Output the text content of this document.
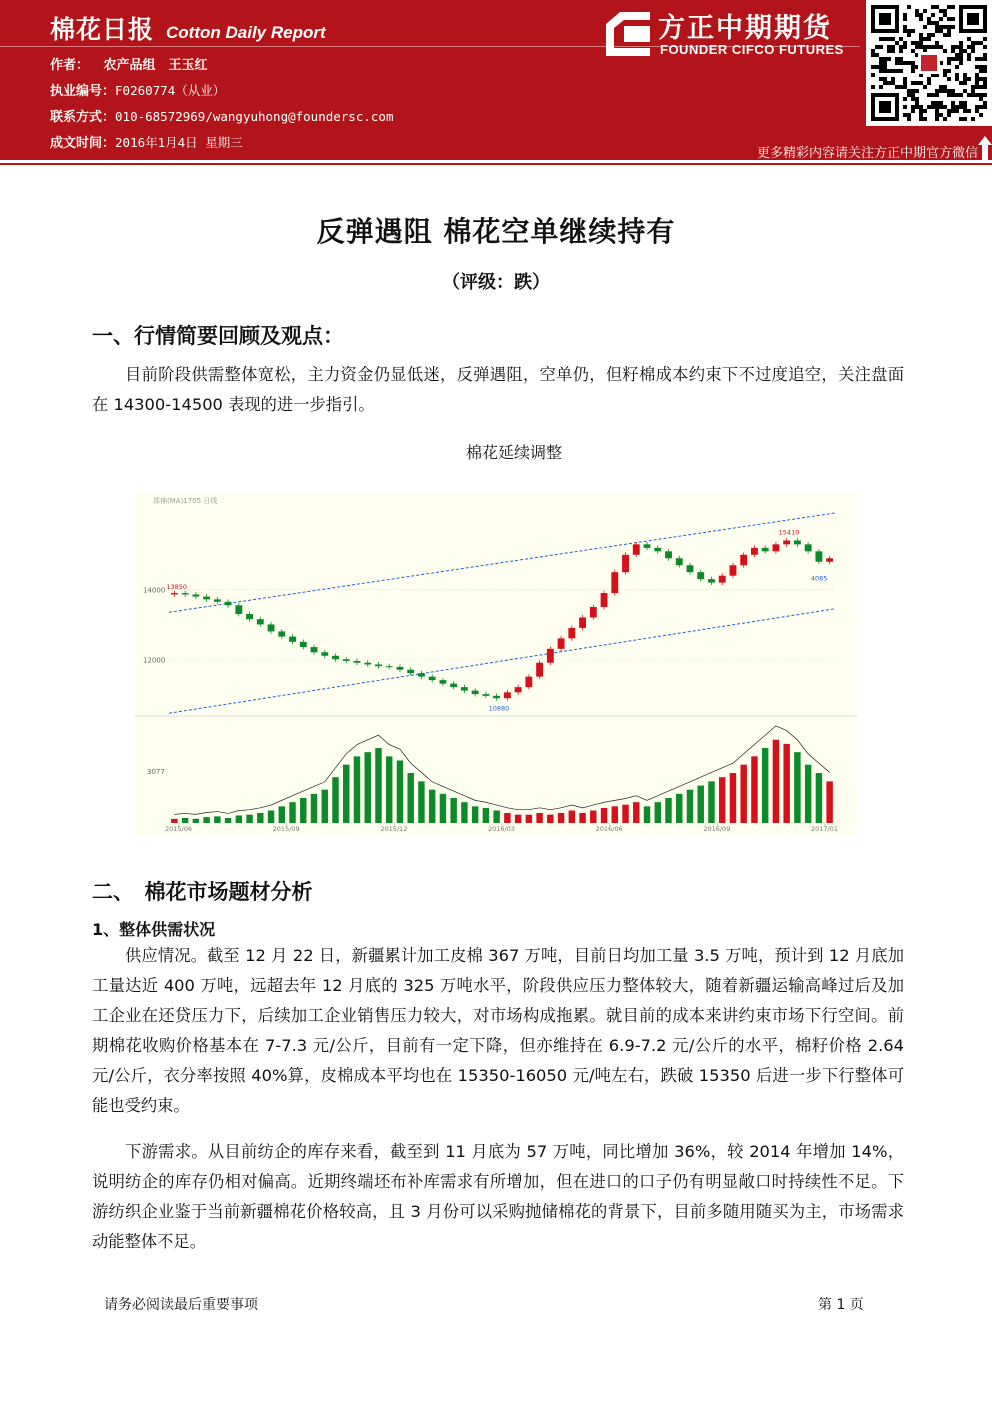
棉花日报 Cotton Daily Report
作者： 农产品组　王玉红
执业编号：F0260774（从业）
联系方式：010-68572969/wangyuhong@foundersc.com
成文时间：2016年1月4日 星期三
方正中期期货
FOUNDER CIFCO FUTURES
更多精彩内容请关注方正中期官方微信
反弹遇阻 棉花空单继续持有
（评级：跌）
一、行情简要回顾及观点：
目前阶段供需整体宽松，主力资金仍显低迷，反弹遇阻，空单仍，但籽棉成本约束下不过度追空，关注盘面在 14300-14500 表现的进一步指引。
棉花延续调整
郑棉(MA)1705 日线
14000
12000
3077
2015/06	2015/09	2015/12	2016/03	2016/06	2016/09	2017/01
13850
10880
15410
4085
二、　棉花市场题材分析
1、整体供需状况
供应情况。截至 12 月 22 日，新疆累计加工皮棉 367 万吨，目前日均加工量 3.5 万吨，预计到 12 月底加工量达近 400 万吨，远超去年 12 月底的 325 万吨水平，阶段供应压力整体较大，随着新疆运输高峰过后及加工企业在还贷压力下，后续加工企业销售压力较大，对市场构成拖累。就目前的成本来讲约束市场下行空间。前期棉花收购价格基本在 7-7.3 元/公斤，目前有一定下降，但亦维持在 6.9-7.2 元/公斤的水平，棉籽价格 2.64 元/公斤，衣分率按照 40%算，皮棉成本平均也在 15350-16050 元/吨左右，跌破 15350 后进一步下行整体可能也受约束。
下游需求。从目前纺企的库存来看，截至到 11 月底为 57 万吨，同比增加 36%，较 2014 年增加 14%，说明纺企的库存仍相对偏高。近期终端坯布补库需求有所增加，但在进口的口子仍有明显敞口时持续性不足。下游纺织企业鉴于当前新疆棉花价格较高，且 3 月份可以采购抛储棉花的背景下，目前多随用随买为主，市场需求动能整体不足。
请务必阅读最后重要事项	第 1 页
